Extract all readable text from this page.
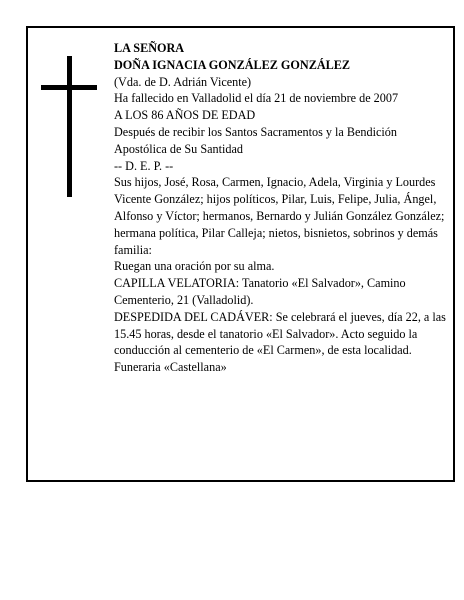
LA SEÑORA

DOÑA IGNACIA GONZÁLEZ GONZÁLEZ

(Vda. de D. Adrián Vicente)

Ha fallecido en Valladolid el día 21 de noviembre de 2007

A LOS 86 AÑOS DE EDAD

Después de recibir los Santos Sacramentos y la Bendición Apostólica de Su Santidad

-- D. E. P. --

Sus hijos, José, Rosa, Carmen, Ignacio, Adela, Virginia y Lourdes Vicente González; hijos políticos, Pilar, Luis, Felipe, Julia, Ángel, Alfonso y Víctor; hermanos, Bernardo y Julián González González; hermana política, Pilar Calleja; nietos, bisnietos, sobrinos y demás familia:

Ruegan una oración por su alma.

CAPILLA VELATORIA: Tanatorio «El Salvador», Camino Cementerio, 21 (Valladolid).

DESPEDIDA DEL CADÁVER: Se celebrará el jueves, día 22, a las 15.45 horas, desde el tanatorio «El Salvador». Acto seguido la conducción al cementerio de «El Carmen», de esta localidad.

Funeraria «Castellana»
